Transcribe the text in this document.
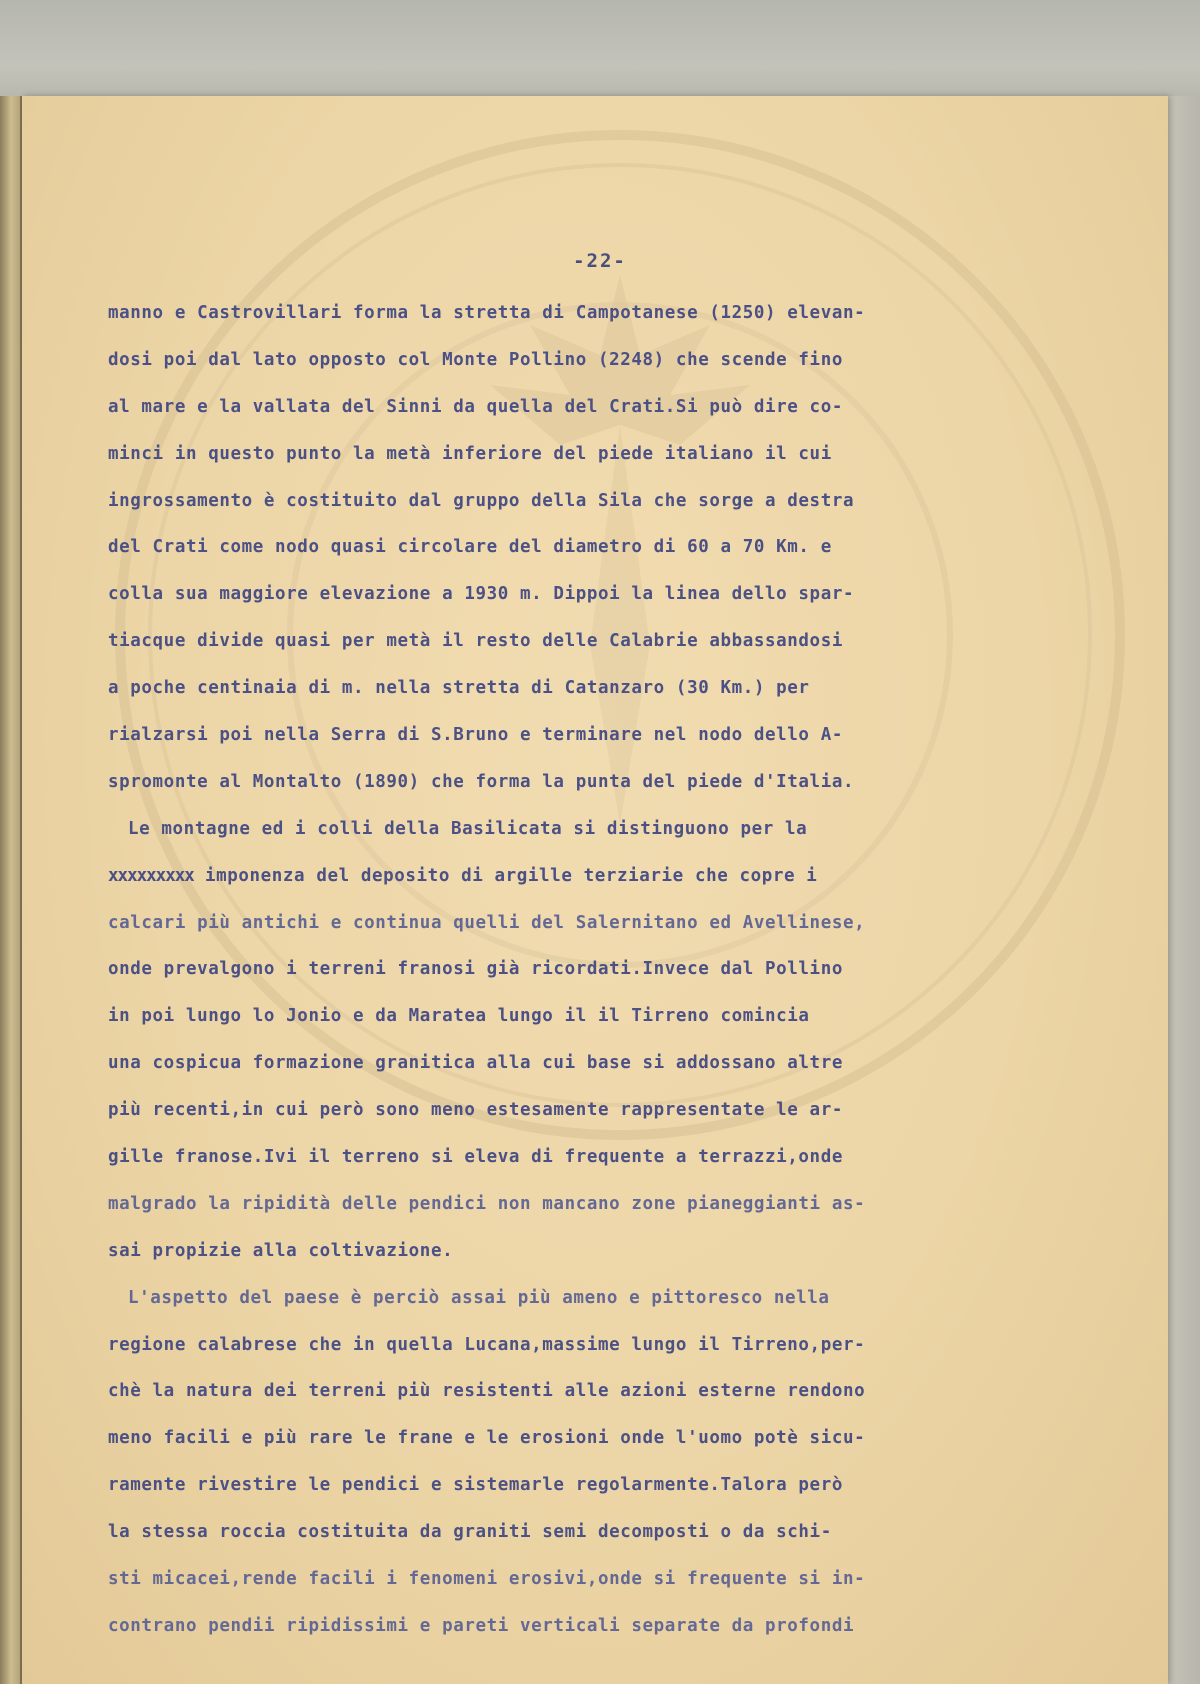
-22-
manno e Castrovillari forma la stretta di Campotanese (1250) elevan-
dosi poi dal lato opposto col Monte Pollino (2248) che scende fino
al mare e la vallata del Sinni da quella del Crati.Si può dire co-
minci in questo punto la metà inferiore del piede italiano il cui
ingrossamento è costituito dal gruppo della Sila che sorge a destra
del Crati come nodo quasi circolare del diametro di 60 a 70 Km. e
colla sua maggiore elevazione a 1930 m. Dippoi la linea dello spar-
tiacque divide quasi per metà il resto delle Calabrie abbassandosi
a poche centinaia di m. nella stretta di Catanzaro (30 Km.) per
rialzarsi poi nella Serra di S.Bruno e terminare nel nodo dello A-
spromonte al Montalto (1890) che forma la punta del piede d'Italia.
Le montagne ed i colli della Basilicata si distinguono per la
xxxxxxxxx imponenza del deposito di argille terziarie che copre i
calcari più antichi e continua quelli del Salernitano ed Avellinese,
onde prevalgono i terreni franosi già ricordati.Invece dal Pollino
in poi lungo lo Jonio e da Maratea lungo il il Tirreno comincia
una cospicua formazione granitica alla cui base si addossano altre
più recenti,in cui però sono meno estesamente rappresentate le ar-
gille franose.Ivi il terreno si eleva di frequente a terrazzi,onde
malgrado la ripidità delle pendici non mancano zone pianeggianti as-
sai propizie alla coltivazione.
L'aspetto del paese è perciò assai più ameno e pittoresco nella
regione calabrese che in quella Lucana,massime lungo il Tirreno,per-
chè la natura dei terreni più resistenti alle azioni esterne rendono
meno facili e più rare le frane e le erosioni onde l'uomo potè sicu-
ramente rivestire le pendici e sistemarle regolarmente.Talora però
la stessa roccia costituita da graniti semi decomposti o da schi-
sti micacei,rende facili i fenomeni erosivi,onde si frequente si in-
contrano pendii ripidissimi e pareti verticali separate da profondi
